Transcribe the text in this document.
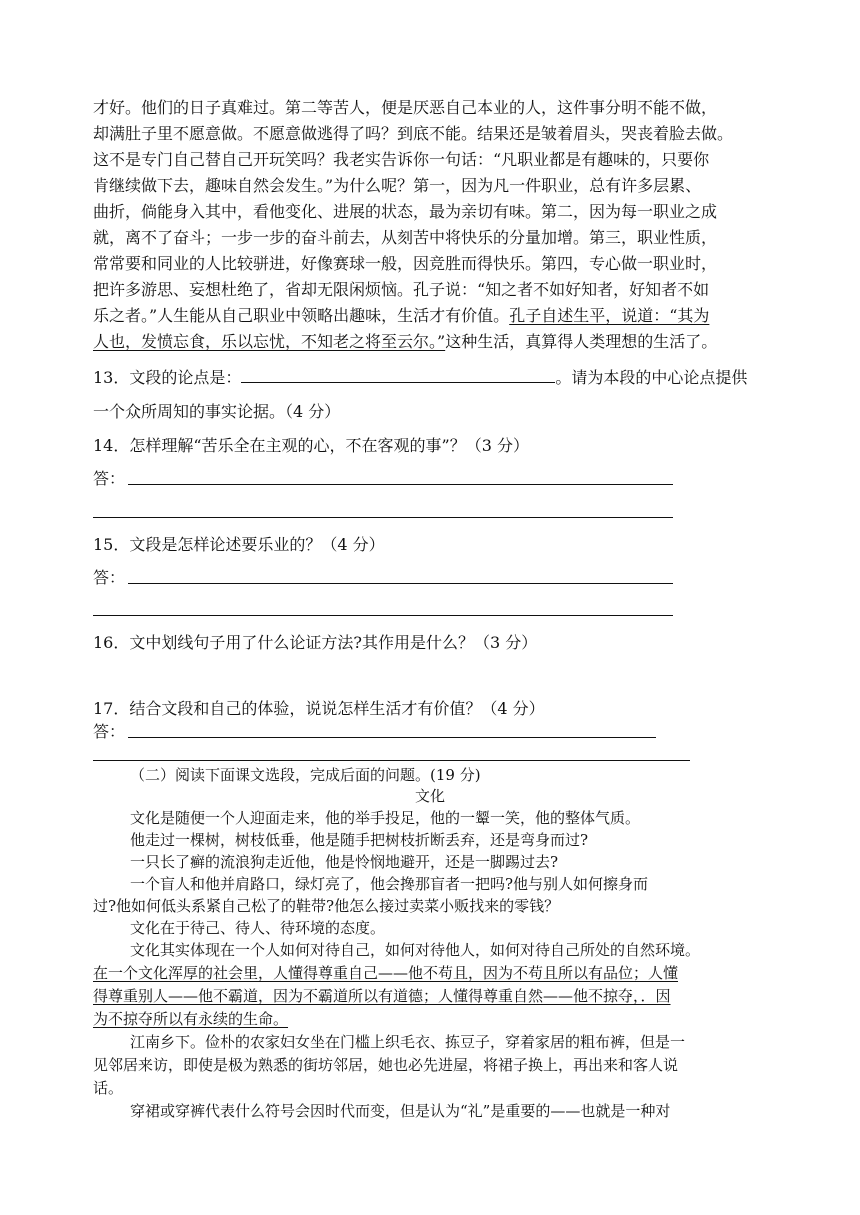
才好。他们的日子真难过。第二等苦人，便是厌恶自己本业的人，这件事分明不能不做，
却满肚子里不愿意做。不愿意做逃得了吗？到底不能。结果还是皱着眉头，哭丧着脸去做。
这不是专门自己替自己开玩笑吗？我老实告诉你一句话：“凡职业都是有趣味的，只要你
肯继续做下去，趣味自然会发生。”为什么呢？第一，因为凡一件职业，总有许多层累、
曲折，倘能身入其中，看他变化、进展的状态，最为亲切有味。第二，因为每一职业之成
就，离不了奋斗；一步一步的奋斗前去，从刻苦中将快乐的分量加增。第三，职业性质，
常常要和同业的人比较骈进，好像赛球一般，因竞胜而得快乐。第四，专心做一职业时，
把许多游思、妄想杜绝了，省却无限闲烦恼。孔子说：“知之者不如好知者，好知者不如
乐之者。”人生能从自己职业中领略出趣味，生活才有价值。孔子自述生平，说道：“其为
人也，发愤忘食，乐以忘忧，不知老之将至云尔。”这种生活，真算得人类理想的生活了。
13．文段的论点是：	。请为本段的中心论点提供
一个众所周知的事实论据。（4 分）
14．怎样理解“苦乐全在主观的心，不在客观的事”？（3 分）
答：
15．文段是怎样论述要乐业的？（4 分）
答：
16．文中划线句子用了什么论证方法?其作用是什么？（3 分）
17．结合文段和自己的体验，说说怎样生活才有价值？（4 分）
答：
（二）阅读下面课文选段，完成后面的问题。(19 分)
文化
文化是随便一个人迎面走来，他的举手投足，他的一颦一笑，他的整体气质。
他走过一棵树，树枝低垂，他是随手把树枝折断丢弃，还是弯身而过?
一只长了癣的流浪狗走近他，他是怜悯地避开，还是一脚踢过去?
一个盲人和他并肩路口，绿灯亮了，他会搀那盲者一把吗?他与别人如何擦身而
过?他如何低头系紧自己松了的鞋带?他怎么接过卖菜小贩找来的零钱？
文化在于待己、待人、待环境的态度。
文化其实体现在一个人如何对待自己，如何对待他人，如何对待自己所处的自然环境。
在一个文化浑厚的社会里，人懂得尊重自己——他不苟且，因为不苟且所以有品位；人懂
得尊重别人——他不霸道，因为不霸道所以有道德；人懂得尊重自然——他不掠夺，．因
为不掠夺所以有永续的生命。
江南乡下。俭朴的农家妇女坐在门槛上织毛衣、拣豆子，穿着家居的粗布裤，但是一
见邻居来访，即使是极为熟悉的街坊邻居，她也必先进屋，将裙子换上，再出来和客人说
话。
穿裙或穿裤代表什么符号会因时代而变，但是认为“礼”是重要的——也就是一种对
